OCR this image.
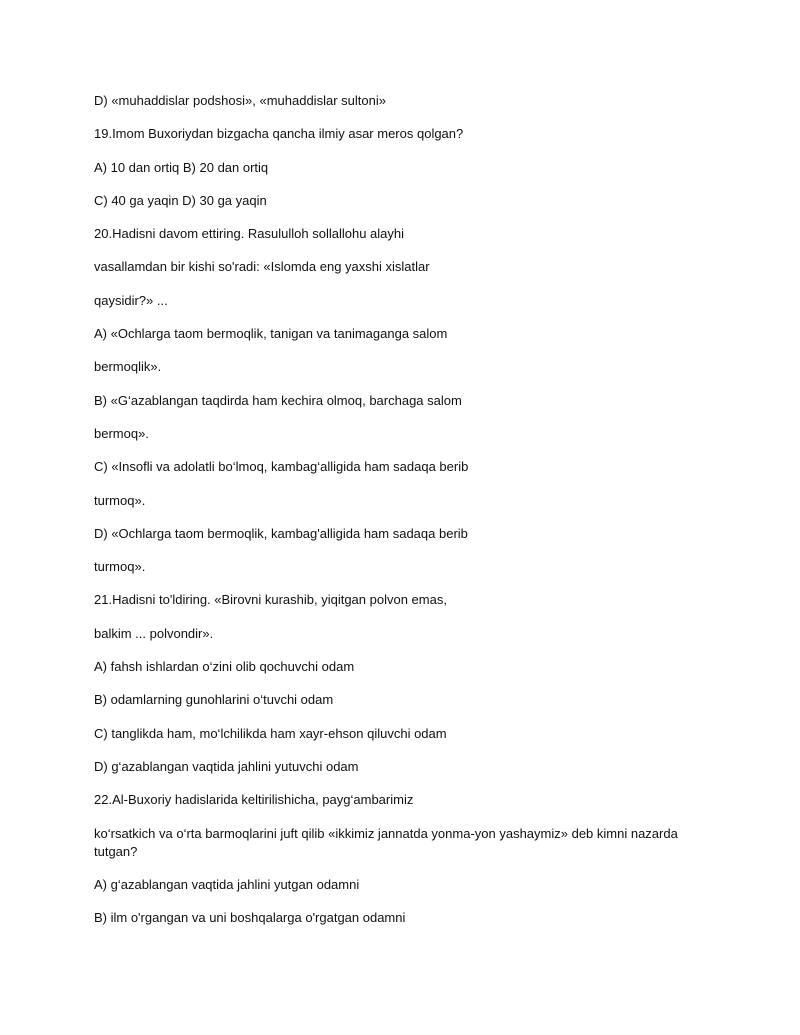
D) «muhaddislar podshosi», «muhaddislar sultoni»
19.Imom Buxoriydan bizgacha qancha ilmiy asar meros qolgan?
A) 10 dan ortiq B) 20 dan ortiq
C) 40 ga yaqin D) 30 ga yaqin
20.Hadisni davom ettiring. Rasululloh sollallohu alayhi
vasallamdan bir kishi so'radi: «Islomda eng yaxshi xislatlar
qaysidir?» ...
A) «Ochlarga taom bermoqlik, tanigan va tanimaganga salom
bermoqlik».
B) «G‘azablangan taqdirda ham kechira olmoq, barchaga salom
bermoq».
C) «Insofli va adolatli bo‘lmoq, kambag‘alligida ham sadaqa berib
turmoq».
D) «Ochlarga taom bermoqlik, kambag'alligida ham sadaqa berib
turmoq».
21.Hadisni to'ldiring. «Birovni kurashib, yiqitgan polvon emas,
balkim ... polvondir».
A) fahsh ishlardan o‘zini olib qochuvchi odam
B) odamlarning gunohlarini o‘tuvchi odam
C) tanglikda ham, mo‘lchilikda ham xayr-ehson qiluvchi odam
D) g‘azablangan vaqtida jahlini yutuvchi odam
22.Al-Buxoriy hadislarida keltirilishicha, payg‘ambarimiz
ko‘rsatkich va o‘rta barmoqlarini juft qilib «ikkimiz jannatda yonma-yon yashaymiz» deb kimni nazarda tutgan?
A) g‘azablangan vaqtida jahlini yutgan odamni
B) ilm o'rgangan va uni boshqalarga o'rgatgan odamni
